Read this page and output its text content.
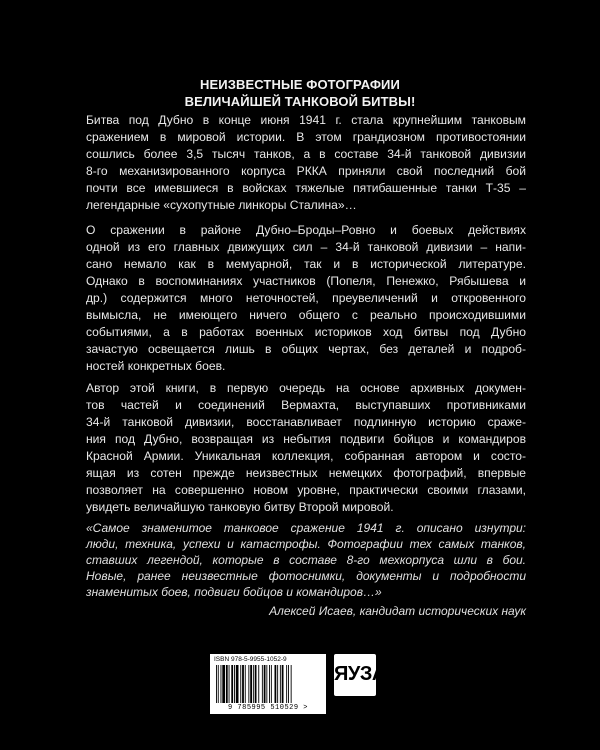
НЕИЗВЕСТНЫЕ ФОТОГРАФИИ
ВЕЛИЧАЙШЕЙ ТАНКОВОЙ БИТВЫ!
Битва под Дубно в конце июня 1941 г. стала крупнейшим танковым
сражением в мировой истории. В этом грандиозном противостоянии
сошлись более 3,5 тысяч танков, а в составе 34-й танковой дивизии
8-го механизированного корпуса РККА приняли свой последний бой
почти все имевшиеся в войсках тяжелые пятибашенные танки Т-35 –
легендарные «сухопутные линкоры Сталина»…
О сражении в районе Дубно–Броды–Ровно и боевых действиях
одной из его главных движущих сил – 34-й танковой дивизии – напи-
сано немало как в мемуарной, так и в исторической литературе.
Однако в воспоминаниях участников (Попеля, Пенежко, Рябышева и
др.) содержится много неточностей, преувеличений и откровенного
вымысла, не имеющего ничего общего с реально происходившими
событиями, а в работах военных историков ход битвы под Дубно
зачастую освещается лишь в общих чертах, без деталей и подроб-
ностей конкретных боев.
Автор этой книги, в первую очередь на основе архивных докумен-
тов частей и соединений Вермахта, выступавших противниками
34-й танковой дивизии, восстанавливает подлинную историю сраже-
ния под Дубно, возвращая из небытия подвиги бойцов и командиров
Красной Армии. Уникальная коллекция, собранная автором и состо-
ящая из сотен прежде неизвестных немецких фотографий, впервые
позволяет на совершенно новом уровне, практически своими глазами,
увидеть величайшую танковую битву Второй мировой.
«Самое знаменитое танковое сражение 1941 г. описано изнутри:
люди, техника, успехи и катастрофы. Фотографии тех самых танков,
ставших легендой, которые в составе 8-го мехкорпуса шли в бои.
Новые, ранее неизвестные фотоснимки, документы и подробности
знаменитых боев, подвиги бойцов и командиров…»
Алексей Исаев, кандидат исторических наук
ISBN 978-5-9955-1052-9
9 785995 510529 >
ЯУЗА
